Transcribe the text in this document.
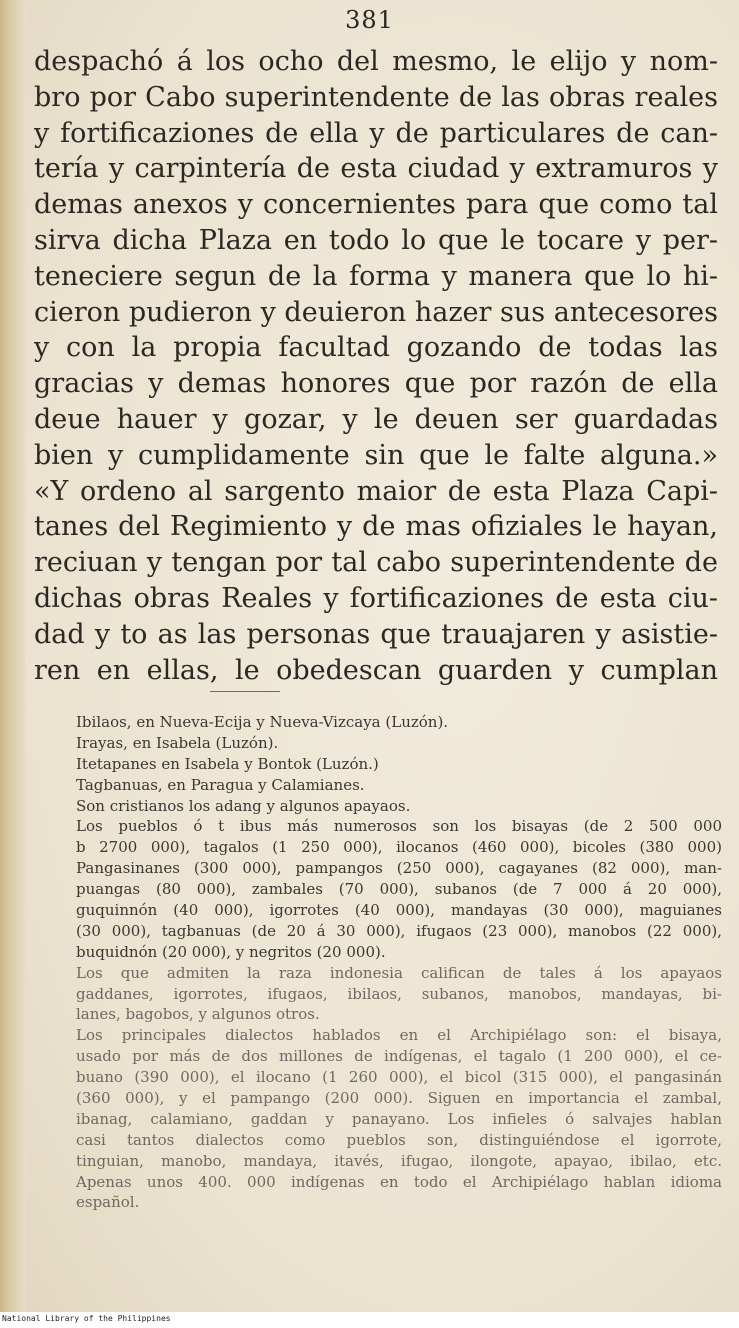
381
despachó á los ocho del mesmo, le elijo y nom-
bro por Cabo superintendente de las obras reales
y fortificaziones de ella y de particulares de can-
tería y carpintería de esta ciudad y extramuros y
demas anexos y concernientes para que como tal
sirva dicha Plaza en todo lo que le tocare y per-
teneciere segun de la forma y manera que lo hi-
cieron pudieron y deuieron hazer sus antecesores
y con la propia facultad gozando de todas las
gracias y demas honores que por razón de ella
deue hauer y gozar, y le deuen ser guardadas
bien y cumplidamente sin que le falte alguna.»
«Y ordeno al sargento maior de esta Plaza Capi-
tanes del Regimiento y de mas ofiziales le hayan,
reciuan y tengan por tal cabo superintendente de
dichas obras Reales y fortificaziones de esta ciu-
dad y to as las personas que trauajaren y asistie-
ren en ellas, le obedescan guarden y cumplan
Ibilaos, en Nueva-Ecija y Nueva-Vizcaya (Luzón).
Irayas, en Isabela (Luzón).
Itetapanes en Isabela y Bontok (Luzón.)
Tagbanuas, en Paragua y Calamianes.
Son cristianos los adang y algunos apayaos.
Los pueblos ó t ibus más numerosos son los bisayas (de 2 500 000
b 2700 000), tagalos (1 250 000), ilocanos (460 000), bicoles (380 000)
Pangasinanes (300 000), pampangos (250 000), cagayanes (82 000), man-
puangas (80 000), zambales (70 000), subanos (de 7 000 á 20 000),
guquinnón (40 000), igorrotes (40 000), mandayas (30 000), maguianes
(30 000), tagbanuas (de 20 á 30 000), ifugaos (23 000), manobos (22 000),
buquidnón (20 000), y negritos (20 000).
Los que admiten la raza indonesia califican de tales á los apayaos
gaddanes, igorrotes, ifugaos, ibilaos, subanos, manobos, mandayas, bi-
lanes, bagobos, y algunos otros.
Los principales dialectos hablados en el Archipiélago son: el bisaya,
usado por más de dos millones de indígenas, el tagalo (1 200 000), el ce-
buano (390 000), el ilocano (1 260 000), el bicol (315 000), el pangasinán
(360 000), y el pampango (200 000). Siguen en importancia el zambal,
ibanag, calamiano, gaddan y panayano. Los infieles ó salvajes hablan
casi tantos dialectos como pueblos son, distinguiéndose el igorrote,
tinguian, manobo, mandaya, itavés, ifugao, ilongote, apayao, ibilao, etc.
Apenas unos 400. 000 indígenas en todo el Archipiélago hablan idioma
español.
National Library of the Philippines
